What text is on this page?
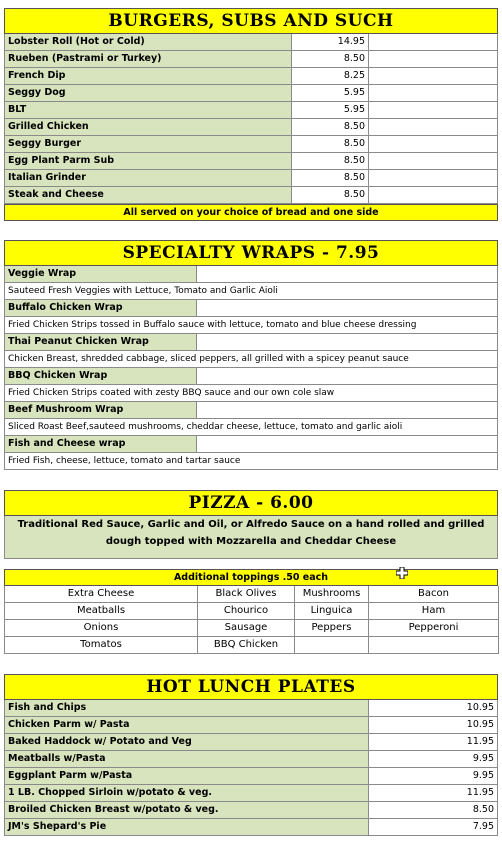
BURGERS, SUBS AND SUCH
Lobster Roll (Hot or Cold)	14.95
Rueben (Pastrami or Turkey)	8.50
French Dip	8.25
Seggy Dog	5.95
BLT	5.95
Grilled Chicken	8.50
Seggy Burger	8.50
Egg Plant Parm Sub	8.50
Italian Grinder	8.50
Steak and Cheese	8.50
All served on your choice of bread and one side
SPECIALTY WRAPS - 7.95
Veggie Wrap
Sauteed Fresh Veggies with Lettuce, Tomato and Garlic Aioli
Buffalo Chicken Wrap
Fried Chicken Strips tossed in Buffalo sauce with lettuce, tomato and blue cheese dressing
Thai Peanut Chicken Wrap
Chicken Breast, shredded cabbage, sliced peppers, all grilled with a spicey peanut sauce
BBQ Chicken Wrap
Fried Chicken Strips coated with zesty BBQ sauce and our own cole slaw
Beef Mushroom Wrap
Sliced Roast Beef,sauteed mushrooms, cheddar cheese, lettuce, tomato and garlic aioli
Fish and Cheese wrap
Fried Fish, cheese, lettuce, tomato and tartar sauce
PIZZA - 6.00
Traditional Red Sauce, Garlic and Oil, or Alfredo Sauce on a hand rolled and grilled dough topped with Mozzarella and Cheddar Cheese
Additional toppings .50 each
Extra Cheese	Black Olives	Mushrooms	Bacon
Meatballs	Chourico	Linguica	Ham
Onions	Sausage	Peppers	Pepperoni
Tomatos	BBQ Chicken
HOT LUNCH PLATES
Fish and Chips	10.95
Chicken Parm w/ Pasta	10.95
Baked Haddock w/ Potato and Veg	11.95
Meatballs w/Pasta	9.95
Eggplant Parm w/Pasta	9.95
1 LB. Chopped Sirloin w/potato & veg.	11.95
Broiled Chicken Breast w/potato & veg.	8.50
JM's Shepard's Pie	7.95
